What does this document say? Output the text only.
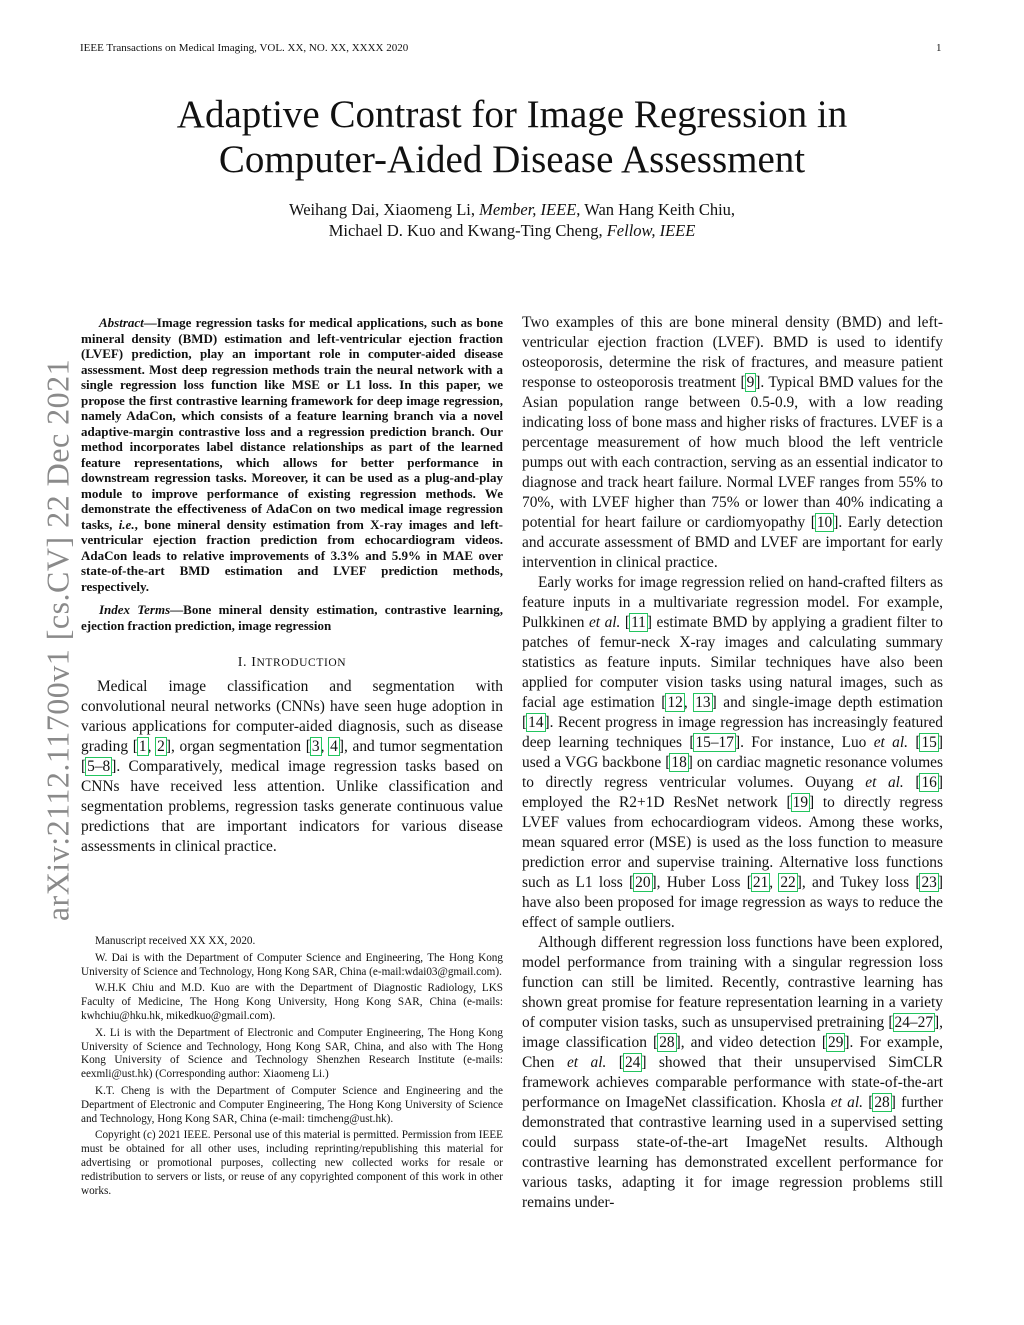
IEEE Transactions on Medical Imaging, VOL. XX, NO. XX, XXXX 2020	1
arXiv:2112.11700v1 [cs.CV] 22 Dec 2021
Adaptive Contrast for Image Regression in
Computer-Aided Disease Assessment
Weihang Dai, Xiaomeng Li, Member, IEEE, Wan Hang Keith Chiu,
Michael D. Kuo and Kwang-Ting Cheng, Fellow, IEEE

Abstract—Image regression tasks for medical applications, such as bone mineral density (BMD) estimation and left-ventricular ejection fraction (LVEF) prediction, play an important role in computer-aided disease assessment. Most deep regression methods train the neural network with a single regression loss function like MSE or L1 loss. In this paper, we propose the first contrastive learning framework for deep image regression, namely AdaCon, which consists of a feature learning branch via a novel adaptive-margin contrastive loss and a regression prediction branch. Our method incorporates label distance relationships as part of the learned feature representations, which allows for better performance in downstream regression tasks. Moreover, it can be used as a plug-and-play module to improve performance of existing regression methods. We demonstrate the effectiveness of AdaCon on two medical image regression tasks, i.e., bone mineral density estimation from X-ray images and left-ventricular ejection fraction prediction from echocardiogram videos. AdaCon leads to relative improvements of 3.3% and 5.9% in MAE over state-of-the-art BMD estimation and LVEF prediction methods, respectively.

Index Terms—Bone mineral density estimation, contrastive learning, ejection fraction prediction, image regression

I. INTRODUCTION

Medical image classification and segmentation with convolutional neural networks (CNNs) have seen huge adoption in various applications for computer-aided diagnosis, such as disease grading [1, 2], organ segmentation [3, 4], and tumor segmentation [5–8]. Comparatively, medical image regression tasks based on CNNs have received less attention. Unlike classification and segmentation problems, regression tasks generate continuous value predictions that are important indicators for various disease assessments in clinical practice.

Manuscript received XX XX, 2020.

W. Dai is with the Department of Computer Science and Engineering, The Hong Kong University of Science and Technology, Hong Kong SAR, China (e-mail:wdai03@gmail.com).

W.H.K Chiu and M.D. Kuo are with the Department of Diagnostic Radiology, LKS Faculty of Medicine, The Hong Kong University, Hong Kong SAR, China (e-mails: kwhchiu@hku.hk, mikedkuo@gmail.com).

X. Li is with the Department of Electronic and Computer Engineering, The Hong Kong University of Science and Technology, Hong Kong SAR, China, and also with The Hong Kong University of Science and Technology Shenzhen Research Institute (e-mails: eexmli@ust.hk) (Corresponding author: Xiaomeng Li.)

K.T. Cheng is with the Department of Computer Science and Engineering and the Department of Electronic and Computer Engineering, The Hong Kong University of Science and Technology, Hong Kong SAR, China (e-mail: timcheng@ust.hk).

Copyright (c) 2021 IEEE. Personal use of this material is permitted. Permission from IEEE must be obtained for all other uses, including reprinting/republishing this material for advertising or promotional purposes, collecting new collected works for resale or redistribution to servers or lists, or reuse of any copyrighted component of this work in other works.

Two examples of this are bone mineral density (BMD) and left-ventricular ejection fraction (LVEF). BMD is used to identify osteoporosis, determine the risk of fractures, and measure patient response to osteoporosis treatment [9]. Typical BMD values for the Asian population range between 0.5-0.9, with a low reading indicating loss of bone mass and higher risks of fractures. LVEF is a percentage measurement of how much blood the left ventricle pumps out with each contraction, serving as an essential indicator to diagnose and track heart failure. Normal LVEF ranges from 55% to 70%, with LVEF higher than 75% or lower than 40% indicating a potential for heart failure or cardiomyopathy [10]. Early detection and accurate assessment of BMD and LVEF are important for early intervention in clinical practice.

Early works for image regression relied on hand-crafted filters as feature inputs in a multivariate regression model. For example, Pulkkinen et al. [11] estimate BMD by applying a gradient filter to patches of femur-neck X-ray images and calculating summary statistics as feature inputs. Similar techniques have also been applied for computer vision tasks using natural images, such as facial age estimation [12, 13] and single-image depth estimation [14]. Recent progress in image regression has increasingly featured deep learning techniques [15–17]. For instance, Luo et al. [15] used a VGG backbone [18] on cardiac magnetic resonance volumes to directly regress ventricular volumes. Ouyang et al. [16] employed the R2+1D ResNet network [19] to directly regress LVEF values from echocardiogram videos. Among these works, mean squared error (MSE) is used as the loss function to measure prediction error and supervise training. Alternative loss functions such as L1 loss [20], Huber Loss [21, 22], and Tukey loss [23] have also been proposed for image regression as ways to reduce the effect of sample outliers.

Although different regression loss functions have been explored, model performance from training with a singular regression loss function can still be limited. Recently, contrastive learning has shown great promise for feature representation learning in a variety of computer vision tasks, such as unsupervised pretraining [24–27], image classification [28], and video detection [29]. For example, Chen et al. [24] showed that their unsupervised SimCLR framework achieves comparable performance with state-of-the-art performance on ImageNet classification. Khosla et al. [28] further demonstrated that contrastive learning used in a supervised setting could surpass state-of-the-art ImageNet results. Although contrastive learning has demonstrated excellent performance for various tasks, adapting it for image regression problems still remains under-
